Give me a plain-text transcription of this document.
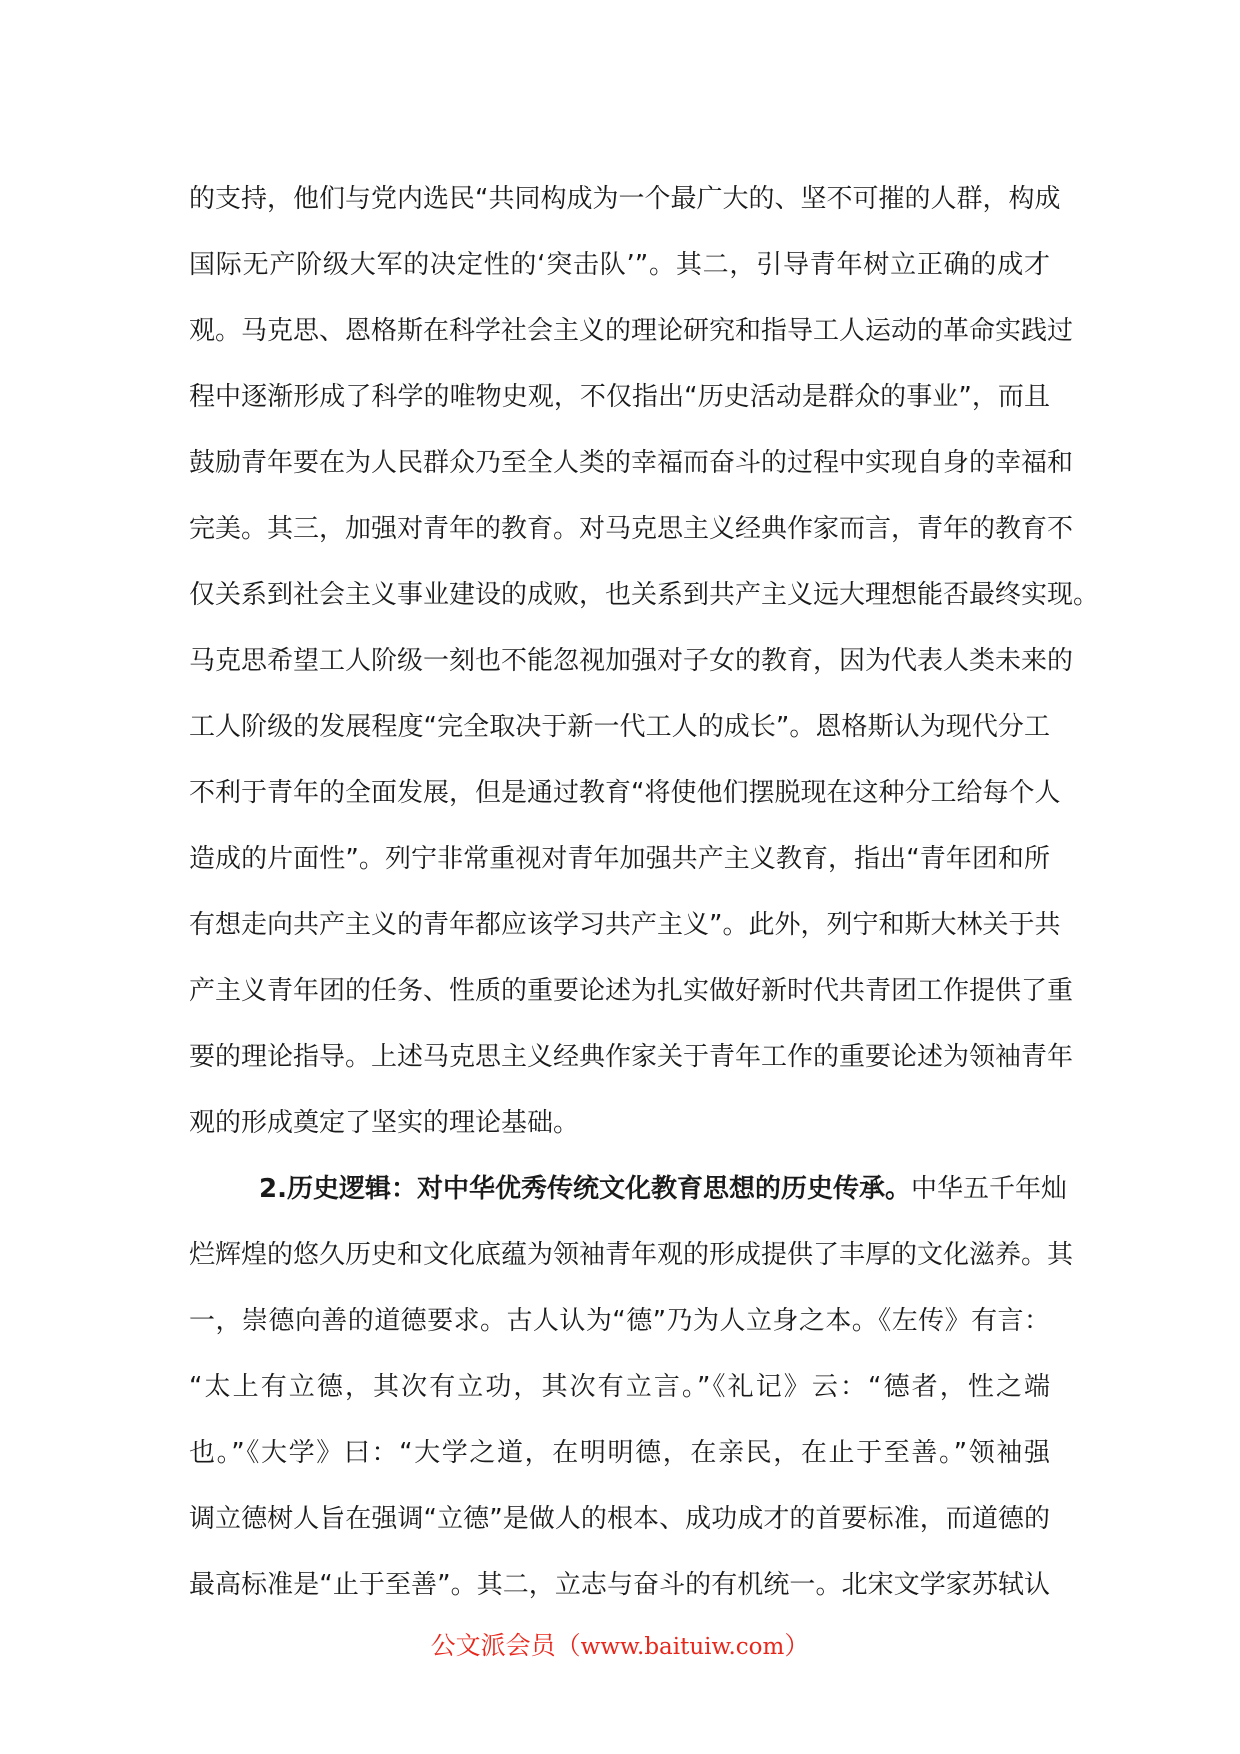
的支持，他们与党内选民“共同构成为一个最广大的、坚不可摧的人群，构成
国际无产阶级大军的决定性的‘突击队’”。其二，引导青年树立正确的成才
观。马克思、恩格斯在科学社会主义的理论研究和指导工人运动的革命实践过
程中逐渐形成了科学的唯物史观，不仅指出“历史活动是群众的事业”，而且
鼓励青年要在为人民群众乃至全人类的幸福而奋斗的过程中实现自身的幸福和
完美。其三，加强对青年的教育。对马克思主义经典作家而言，青年的教育不
仅关系到社会主义事业建设的成败，也关系到共产主义远大理想能否最终实现。
马克思希望工人阶级一刻也不能忽视加强对子女的教育，因为代表人类未来的
工人阶级的发展程度“完全取决于新一代工人的成长”。恩格斯认为现代分工
不利于青年的全面发展，但是通过教育“将使他们摆脱现在这种分工给每个人
造成的片面性”。列宁非常重视对青年加强共产主义教育，指出“青年团和所
有想走向共产主义的青年都应该学习共产主义”。此外，列宁和斯大林关于共
产主义青年团的任务、性质的重要论述为扎实做好新时代共青团工作提供了重
要的理论指导。上述马克思主义经典作家关于青年工作的重要论述为领袖青年
观的形成奠定了坚实的理论基础。
2.历史逻辑：对中华优秀传统文化教育思想的历史传承。中华五千年灿
烂辉煌的悠久历史和文化底蕴为领袖青年观的形成提供了丰厚的文化滋养。其
一，崇德向善的道德要求。古人认为“德”乃为人立身之本。《左传》有言：
“太上有立德，其次有立功，其次有立言。”《礼记》云：“德者，性之端
也。”《大学》曰：“大学之道，在明明德，在亲民，在止于至善。”领袖强
调立德树人旨在强调“立德”是做人的根本、成功成才的首要标准，而道德的
最高标准是“止于至善”。其二，立志与奋斗的有机统一。北宋文学家苏轼认
公文派会员（www.baituiw.com）
